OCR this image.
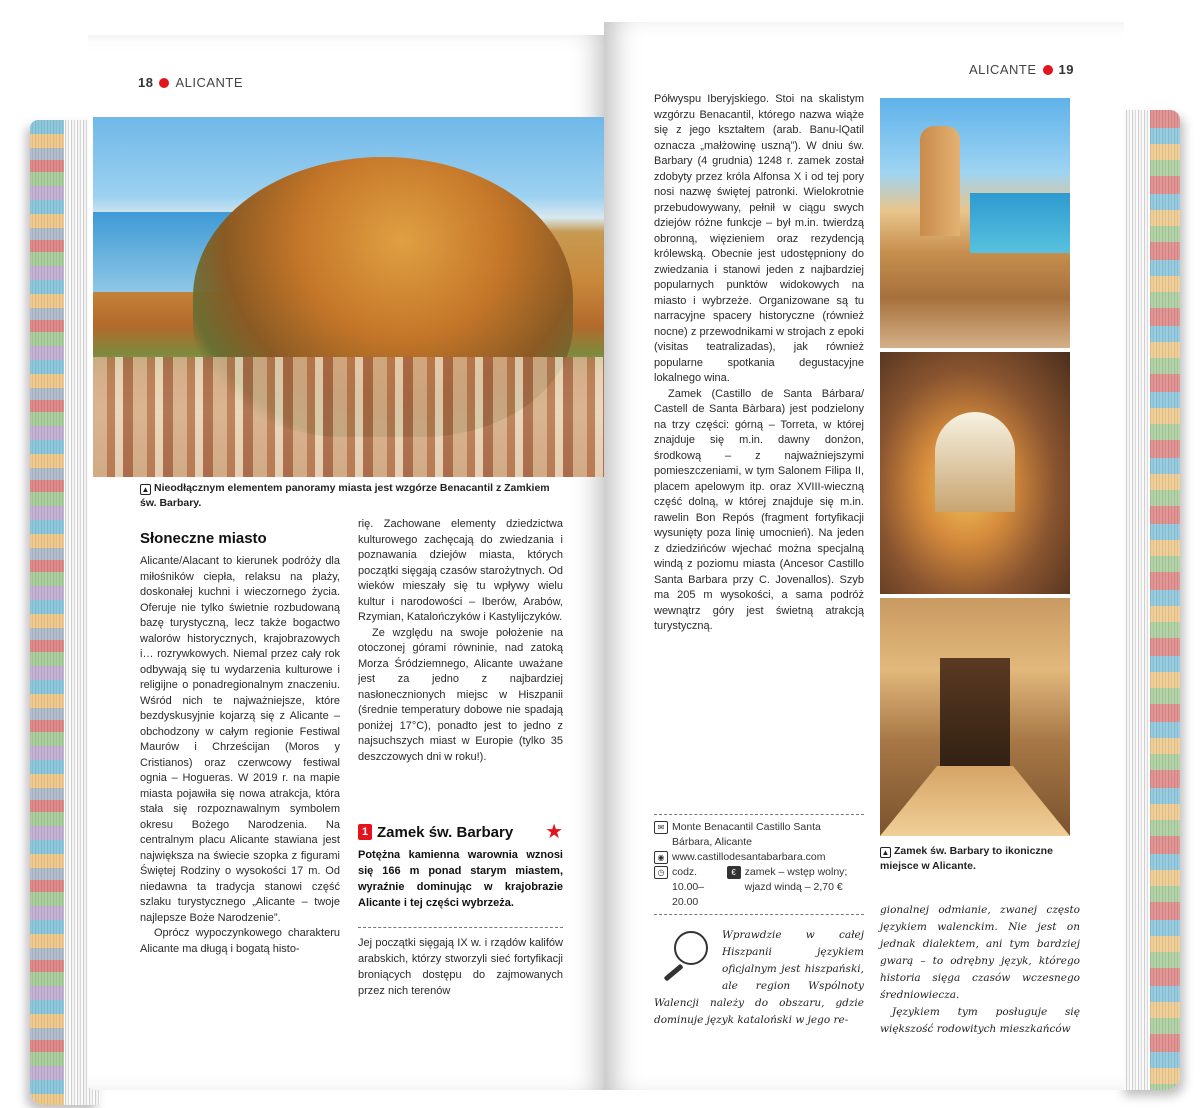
18 ALICANTE
▲ Nieodłącznym elementem panoramy miasta jest wzgórze Benacantil z Zamkiem św. Barbary.
Słoneczne miasto

Alicante/Alacant to kierunek podróży dla miłośników ciepła, relaksu na plaży, doskonałej kuchni i wieczornego życia. Oferuje nie tylko świetnie rozbudowaną bazę turystyczną, lecz także bogactwo walorów historycznych, krajobrazowych i… rozrywkowych. Niemal przez cały rok odbywają się tu wydarzenia kulturowe i religijne o ponadregionalnym znaczeniu. Wśród nich te najważniejsze, które bezdyskusyjnie kojarzą się z Alicante – obchodzony w całym regionie Festiwal Maurów i Chrześcijan (Moros y Cristianos) oraz czerwcowy festiwal ognia – Hogueras. W 2019 r. na mapie miasta pojawiła się nowa atrakcja, która stała się rozpoznawalnym symbolem okresu Bożego Narodzenia. Na centralnym placu Alicante stawiana jest największa na świecie szopka z figurami Świętej Rodziny o wysokości 17 m. Od niedawna ta tradycja stanowi część szlaku turystycznego „Alicante – twoje najlepsze Boże Narodzenie”.

Oprócz wypoczynkowego charakteru Alicante ma długą i bogatą histo-

rię. Zachowane elementy dziedzictwa kulturowego zachęcają do zwiedzania i poznawania dziejów miasta, których początki sięgają czasów starożytnych. Od wieków mieszały się tu wpływy wielu kultur i narodowości – Iberów, Arabów, Rzymian, Katalończyków i Kastylijczyków.

Ze względu na swoje położenie na otoczonej górami równinie, nad zatoką Morza Śródziemnego, Alicante uważane jest za jedno z najbardziej nasłonecznionych miejsc w Hiszpanii (średnie temperatury dobowe nie spadają poniżej 17°C), ponadto jest to jedno z najsuchszych miast w Europie (tylko 35 deszczowych dni w roku!).

1 Zamek św. Barbary ★
Potężna kamienna warownia wznosi się 166 m ponad starym miastem, wyraźnie dominując w krajobrazie Alicante i tej części wybrzeża.
Jej początki sięgają IX w. i rządów kalifów arabskich, którzy stworzyli sieć fortyfikacji broniących dostępu do zajmowanych przez nich terenów
ALICANTE 19

Półwyspu Iberyjskiego. Stoi na skalistym wzgórzu Benacantil, którego nazwa wiąże się z jego kształtem (arab. Banu-lQatil oznacza „małżowinę uszną”). W dniu św. Barbary (4 grudnia) 1248 r. zamek został zdobyty przez króla Alfonsa X i od tej pory nosi nazwę świętej patronki. Wielokrotnie przebudowywany, pełnił w ciągu swych dziejów różne funkcje – był m.in. twierdzą obronną, więzieniem oraz rezydencją królewską. Obecnie jest udostępniony do zwiedzania i stanowi jeden z najbardziej popularnych punktów widokowych na miasto i wybrzeże. Organizowane są tu narracyjne spacery historyczne (również nocne) z przewodnikami w strojach z epoki (visitas teatralizadas), jak również popularne spotkania degustacyjne lokalnego wina.

Zamek (Castillo de Santa Bárbara/ Castell de Santa Bàrbara) jest podzielony na trzy części: górną – Torreta, w której znajduje się m.in. dawny donżon, środkową – z najważniejszymi pomieszczeniami, w tym Salonem Filipa II, placem apelowym itp. oraz XVIII-wieczną część dolną, w której znajduje się m.in. rawelin Bon Repós (fragment fortyfikacji wysunięty poza linię umocnień). Na jeden z dziedzińców wjechać można specjalną windą z poziomu miasta (Ancesor Castillo Santa Barbara przy C. Jovenallos). Szyb ma 205 m wysokości, a sama podróż wewnątrz góry jest świetną atrakcją turystyczną.

✉ Monte Benacantil Castillo Santa Bárbara, Alicante
◉ www.castillodesantabarbara.com
◷ codz. 10.00–20.00
€ zamek – wstęp wolny; wjazd windą – 2,70 €
Wprawdzie w całej Hiszpanii językiem oficjalnym jest hiszpański, ale region Wspólnoty Walencji należy do obszaru, gdzie dominuje język kataloński w jego re-
▲ Zamek św. Barbary to ikoniczne miejsce w Alicante.

gionalnej odmianie, zwanej często językiem walenckim. Nie jest on jednak dialektem, ani tym bardziej gwarą – to odrębny język, którego historia sięga czasów wczesnego średniowiecza.

Językiem tym posługuje się większość rodowitych mieszkańców
